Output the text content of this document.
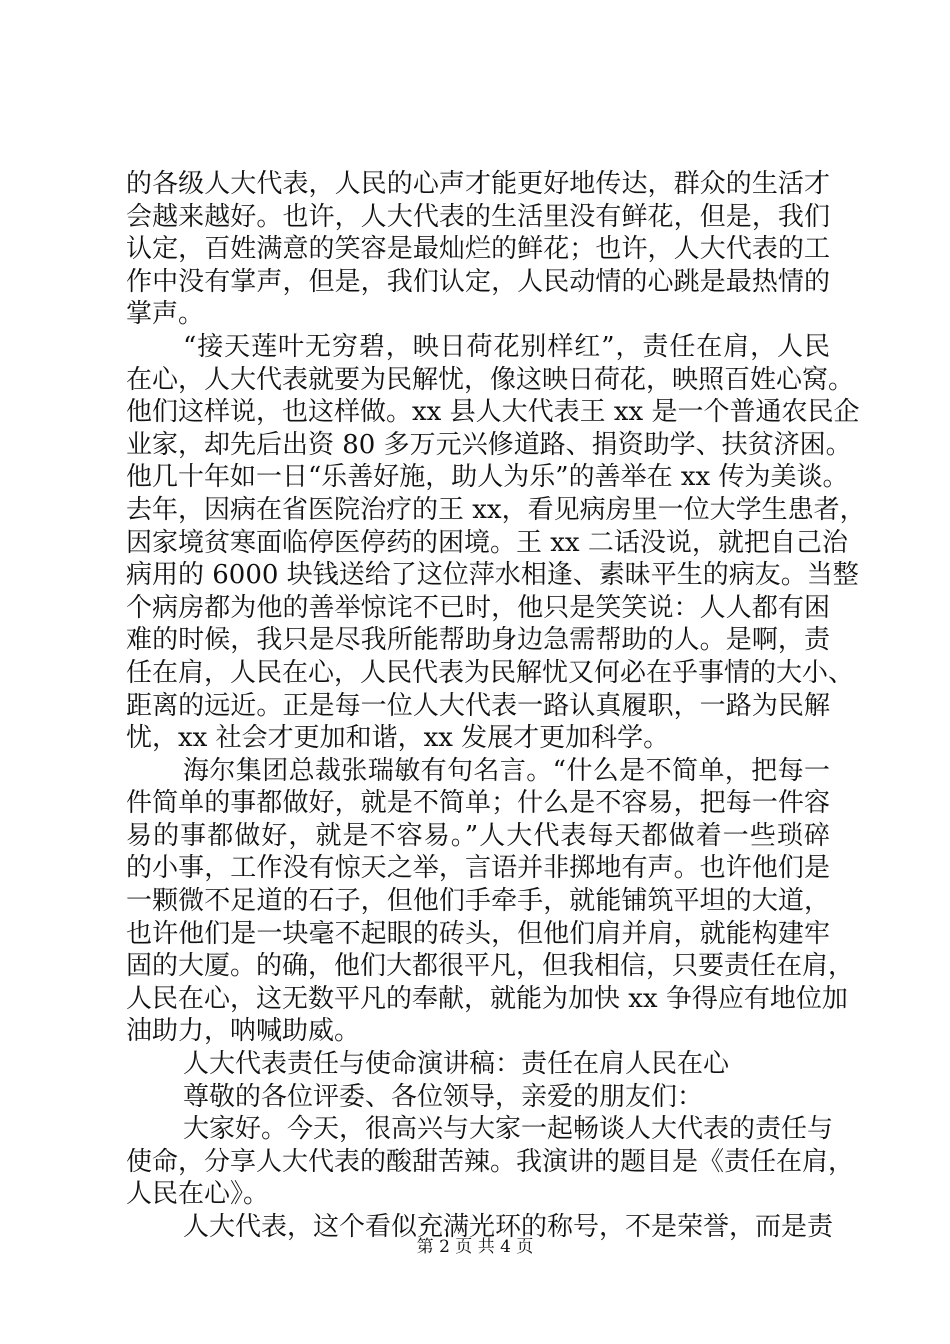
的各级人大代表，人民的心声才能更好地传达，群众的生活才
会越来越好。也许，人大代表的生活里没有鲜花，但是，我们
认定，百姓满意的笑容是最灿烂的鲜花；也许，人大代表的工
作中没有掌声，但是，我们认定，人民动情的心跳是最热情的
掌声。
“接天莲叶无穷碧，映日荷花别样红”，责任在肩，人民
在心，人大代表就要为民解忧，像这映日荷花，映照百姓心窝。
他们这样说，也这样做。xx 县人大代表王 xx 是一个普通农民企
业家，却先后出资 80 多万元兴修道路、捐资助学、扶贫济困。
他几十年如一日“乐善好施，助人为乐”的善举在 xx 传为美谈。
去年，因病在省医院治疗的王 xx，看见病房里一位大学生患者，
因家境贫寒面临停医停药的困境。王 xx 二话没说，就把自己治
病用的 6000 块钱送给了这位萍水相逢、素昧平生的病友。当整
个病房都为他的善举惊诧不已时，他只是笑笑说：人人都有困
难的时候，我只是尽我所能帮助身边急需帮助的人。是啊，责
任在肩，人民在心，人民代表为民解忧又何必在乎事情的大小、
距离的远近。正是每一位人大代表一路认真履职，一路为民解
忧，xx 社会才更加和谐，xx 发展才更加科学。
海尔集团总裁张瑞敏有句名言。“什么是不简单，把每一
件简单的事都做好，就是不简单；什么是不容易，把每一件容
易的事都做好，就是不容易。”人大代表每天都做着一些琐碎
的小事，工作没有惊天之举，言语并非掷地有声。也许他们是
一颗微不足道的石子，但他们手牵手，就能铺筑平坦的大道，
也许他们是一块毫不起眼的砖头，但他们肩并肩，就能构建牢
固的大厦。的确，他们大都很平凡，但我相信，只要责任在肩，
人民在心，这无数平凡的奉献，就能为加快 xx 争得应有地位加
油助力，呐喊助威。
人大代表责任与使命演讲稿：责任在肩人民在心
尊敬的各位评委、各位领导，亲爱的朋友们：
大家好。今天，很高兴与大家一起畅谈人大代表的责任与
使命，分享人大代表的酸甜苦辣。我演讲的题目是《责任在肩，
人民在心》。
人大代表，这个看似充满光环的称号，不是荣誉，而是责
第 2 页 共 4 页
